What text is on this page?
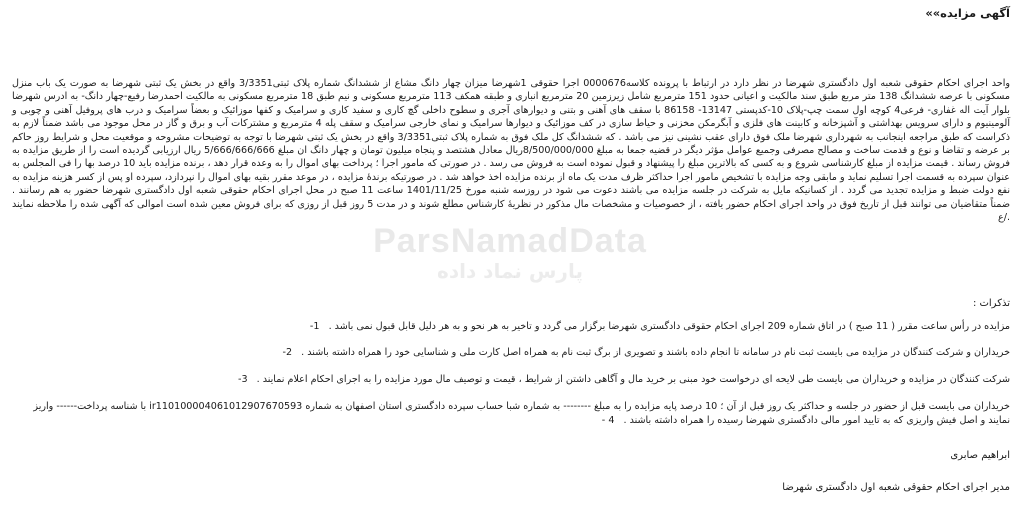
آگهی مزایده»»
واحد اجرای احکام حقوقی شعبه اول دادگستری شهرضا در نظر دارد در ارتباط با پرونده کلاسه0000676 اجرا حقوقی 1شهرضا میزان چهار دانگ مشاع از ششدانگ شماره پلاک ثبتی3/3351 واقع در بخش یک ثبتی شهرضا به صورت یک باب منزل مسکونی با عرصه ششدانگ 138 متر مربع طبق سند مالکیت و اعیانی حدود 151 مترمربع شامل زیرزمین 20 مترمربع انباری و طبقه همکف 113 مترمربع مسکونی و نیم طبق 18 مترمربع مسکونی به مالکیت احمدرضا رفیع-چهار دانگ- به ادرس شهرضا بلوار آیت اله غفاری- فرعی4 کوچه اول سمت چپ-پلاک 10-کدپستی 13147- 86158 با سقف های آهنی و بتنی و دیوارهای آجری و سطوح داخلی گچ کاری و سفید کاری و سرامیک و کفها موزائیک و بعضاً سرامیک و درب های پروفیل آهنی و چوبی و آلومینیوم و دارای سرویس بهداشتی و آشپزخانه و کابینت های فلزی و آبگرمکن مخزنی و حیاط سازی در کف موزائیک و دیوارها سرامیک و نمای خارجی سرامیک و سقف پله 4 مترمربع و مشترکات آب و برق و گاز در محل موجود می باشد ضمناً لازم به ذکراست که طبق مراجعه اینجانب به شهرداری شهرضا ملک فوق دارای عقب نشینی نیز می باشد . که ششدانگ کل ملک فوق به شماره پلاک ثبتی3/3351 واقع در بخش یک ثبتی شهرضا با توجه به توضیحات مشروحه و موقعیت محل و شرایط روز حاکم بر عرضه و تقاضا و نوع و قدمت ساخت و مصالح مصرفی وجمیع عوامل مؤثر دیگر در قضیه جمعا به مبلغ 8/500/000/000ریال معادل هشتصد و پنجاه میلیون تومان و چهار دانگ ان مبلغ 5/666/666/666 ریال ارزیابی گردیده است را از طریق مزایده به فروش رساند . قیمت مزایده از مبلغ کارشناسی شروع و به کسی که بالاترین مبلغ را پیشنهاد و قبول نموده است به فروش می رسد . در صورتی که مامور اجرا ؛ پرداخت بهای اموال را به وعده قرار دهد ، برنده مزایده باید 10 درصد بها را فی المجلس به عنوان سپرده به قسمت اجرا تسلیم نماید و مابقی وجه مزایده با تشخیص مامور اجرا حداکثر ظرف مدت یک ماه از برنده مزایده اخذ خواهد شد . در صورتیکه برندۀ مزایده ، در موعد مقرر بقیه بهای اموال را نپردازد، سپرده او پس از کسر هزینه مزایده به نفع دولت ضبط و مزایده تجدید می گردد . از کسانیکه مایل به شرکت در جلسه مزایده می باشند دعوت می شود در روزسه شنبه مورخ 1401/11/25 ساعت 11 صبح در محل اجرای احکام حقوقی شعبه اول دادگستری شهرضا حضور به هم رسانند . ضمناً متقاضیان می توانند قبل از تاریخ فوق در واحد اجرای احکام حضور یافته ، از خصوصیات و مشخصات مال مذکور در نظریۀ کارشناس مطلع شوند و در مدت 5 روز قبل از روزی که برای فروش معین شده است اموالی که آگهی شده را ملاحظه نمایند ./ع
تذکرات :
مزایده در رأس ساعت مقرر ( 11 صبح ) در اتاق شماره 209 اجرای احکام حقوقی دادگستری شهرضا برگزار می گردد و تاخیر به هر نحو و به هر دلیل قابل قبول نمی باشد . 1-
خریداران و شرکت کنندگان در مزایده می بایست ثبت نام در سامانه تا انجام داده باشند و تصویری از برگ ثبت نام به همراه اصل کارت ملی و شناسایی خود را همراه داشته باشند . 2-
شرکت کنندگان در مزایده و خریداران می بایست طی لایحه ای درخواست خود مبنی بر خرید مال و آگاهی داشتن از شرایط ، قیمت و توصیف مال مورد مزایده را به اجرای احکام اعلام نمایند . 3-
خریداران می بایست قبل از حضور در جلسه و حداکثر یک روز قبل از آن ؛ 10 درصد پایه مزایده را به مبلغ -------- به شماره شبا حساب سپرده دادگستری استان اصفهان به شماره ir110100004061012907670593 با شناسه پرداخت------ واریز نمایند و اصل فیش واریزی که به تایید امور مالی دادگستری شهرضا رسیده را همراه داشته باشند . 4 -
ابراهیم صابری
مدیر اجرای احکام حقوقی شعبه اول دادگستری شهرضا
ParsNamadData
پارس نماد داده
